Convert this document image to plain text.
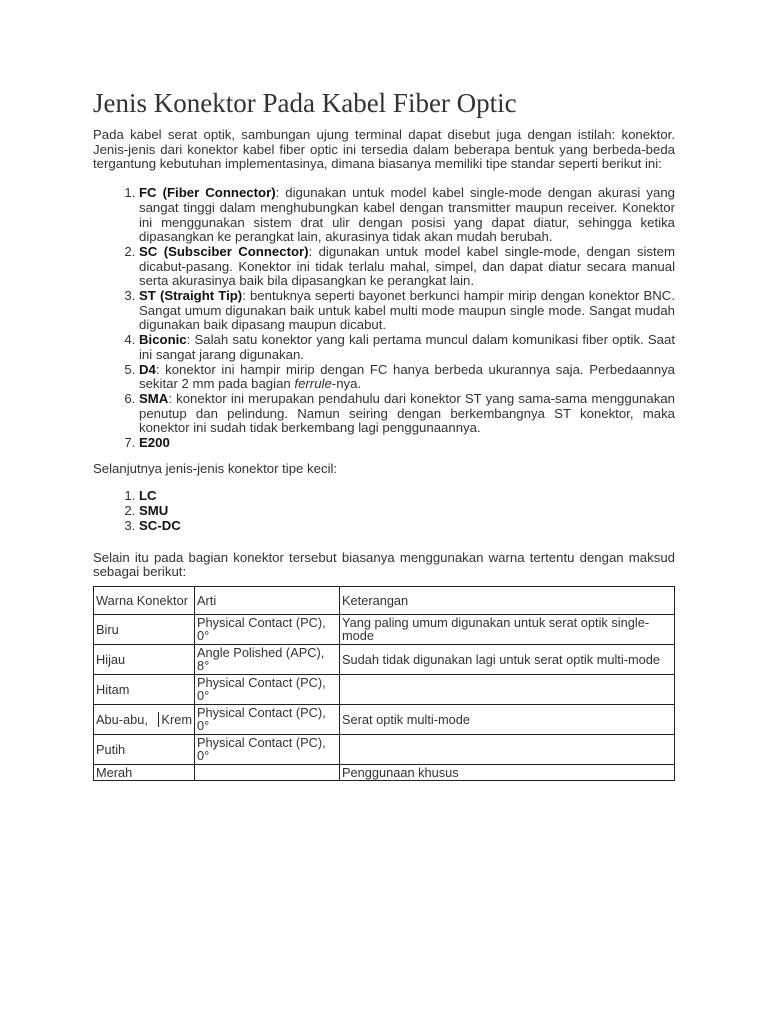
Jenis Konektor Pada Kabel Fiber Optic

Pada kabel serat optik, sambungan ujung terminal dapat disebut juga dengan istilah: konektor. Jenis-jenis dari konektor kabel fiber optic ini tersedia dalam beberapa bentuk yang berbeda-beda tergantung kebutuhan implementasinya, dimana biasanya memiliki tipe standar seperti berikut ini:

1. FC (Fiber Connector): digunakan untuk model kabel single-mode dengan akurasi yang sangat tinggi dalam menghubungkan kabel dengan transmitter maupun receiver. Konektor ini menggunakan sistem drat ulir dengan posisi yang dapat diatur, sehingga ketika dipasangkan ke perangkat lain, akurasinya tidak akan mudah berubah.
2. SC (Subsciber Connector): digunakan untuk model kabel single-mode, dengan sistem dicabut-pasang. Konektor ini tidak terlalu mahal, simpel, dan dapat diatur secara manual serta akurasinya baik bila dipasangkan ke perangkat lain.
3. ST (Straight Tip): bentuknya seperti bayonet berkunci hampir mirip dengan konektor BNC. Sangat umum digunakan baik untuk kabel multi mode maupun single mode. Sangat mudah digunakan baik dipasang maupun dicabut.
4. Biconic: Salah satu konektor yang kali pertama muncul dalam komunikasi fiber optik. Saat ini sangat jarang digunakan.
5. D4: konektor ini hampir mirip dengan FC hanya berbeda ukurannya saja. Perbedaannya sekitar 2 mm pada bagian ferrule-nya.
6. SMA: konektor ini merupakan pendahulu dari konektor ST yang sama-sama menggunakan penutup dan pelindung. Namun seiring dengan berkembangnya ST konektor, maka konektor ini sudah tidak berkembang lagi penggunaannya.
7. E200

Selanjutnya jenis-jenis konektor tipe kecil:

1. LC
2. SMU
3. SC-DC

Selain itu pada bagian konektor tersebut biasanya menggunakan warna tertentu dengan maksud sebagai berikut:

Warna Konektor	Arti	Keterangan
Biru	Physical Contact (PC), 0°	Yang paling umum digunakan untuk serat optik single-mode
Hijau	Angle Polished (APC), 8°	Sudah tidak digunakan lagi untuk serat optik multi-mode
Hitam	Physical Contact (PC), 0°	

Abu-abu, Krem	Physical Contact (PC), 0°	Serat optik multi-mode
Putih	Physical Contact (PC), 0°	
Merah		Penggunaan khusus
